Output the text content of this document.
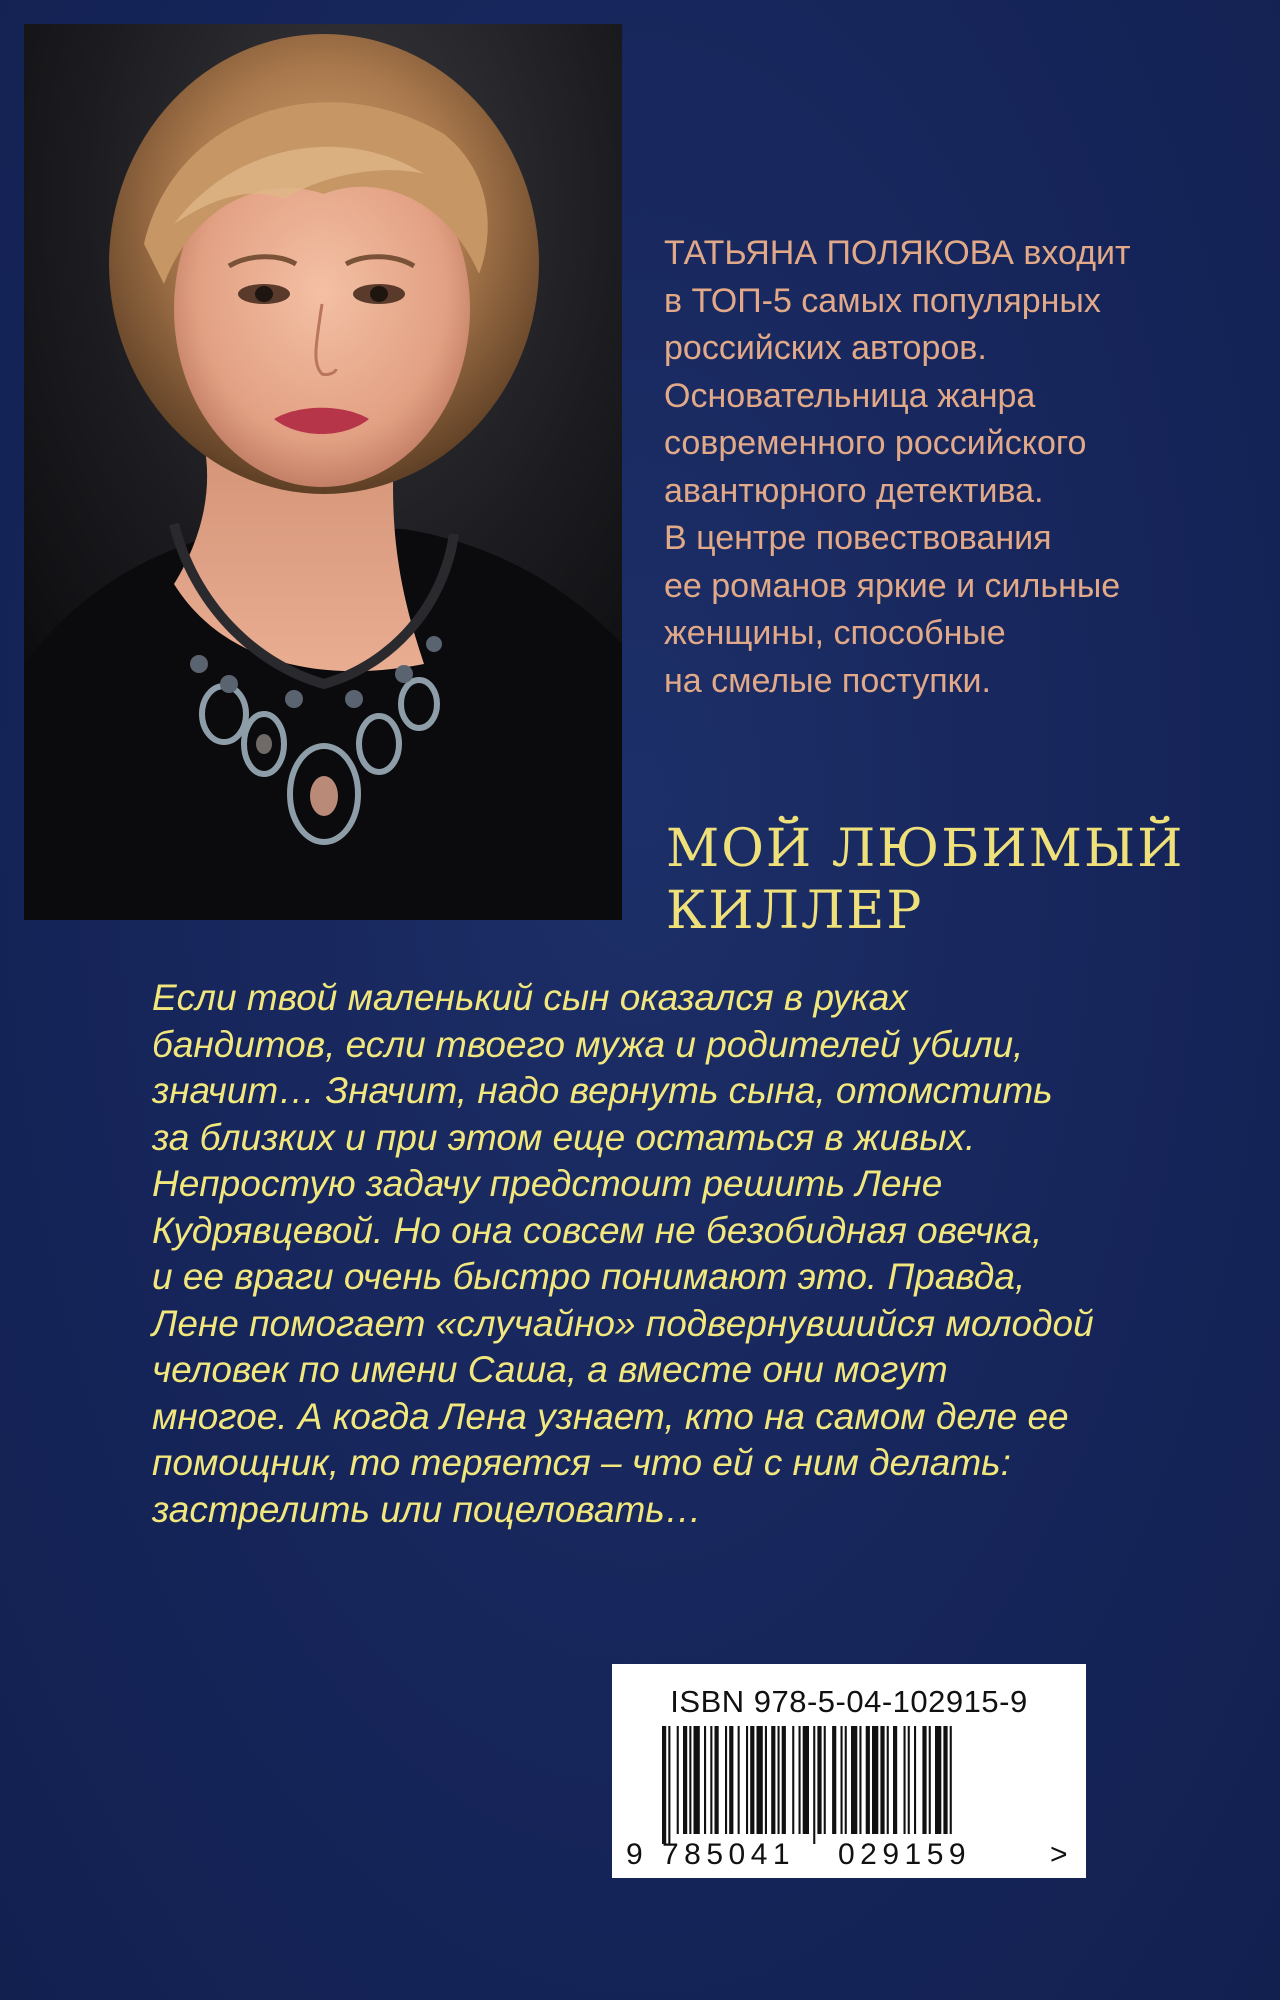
ТАТЬЯНА ПОЛЯКОВА входит
в ТОП-5 самых популярных
российских авторов.
Основательница жанра
современного российского
авантюрного детектива.
В центре повествования
ее романов яркие и сильные
женщины, способные
на смелые поступки.
МОЙ ЛЮБИМЫЙ
КИЛЛЕР
Если твой маленький сын оказался в руках
бандитов, если твоего мужа и родителей убили,
значит… Значит, надо вернуть сына, отомстить
за близких и при этом еще остаться в живых.
Непростую задачу предстоит решить Лене
Кудрявцевой. Но она совсем не безобидная овечка,
и ее враги очень быстро понимают это. Правда,
Лене помогает «случайно» подвернувшийся молодой
человек по имени Саша, а вместе они могут
многое. А когда Лена узнает, кто на самом деле ее
помощник, то теряется – что ей с ним делать:
застрелить или поцеловать…
ISBN 978-5-04-102915-9
9 785041 029159	>
